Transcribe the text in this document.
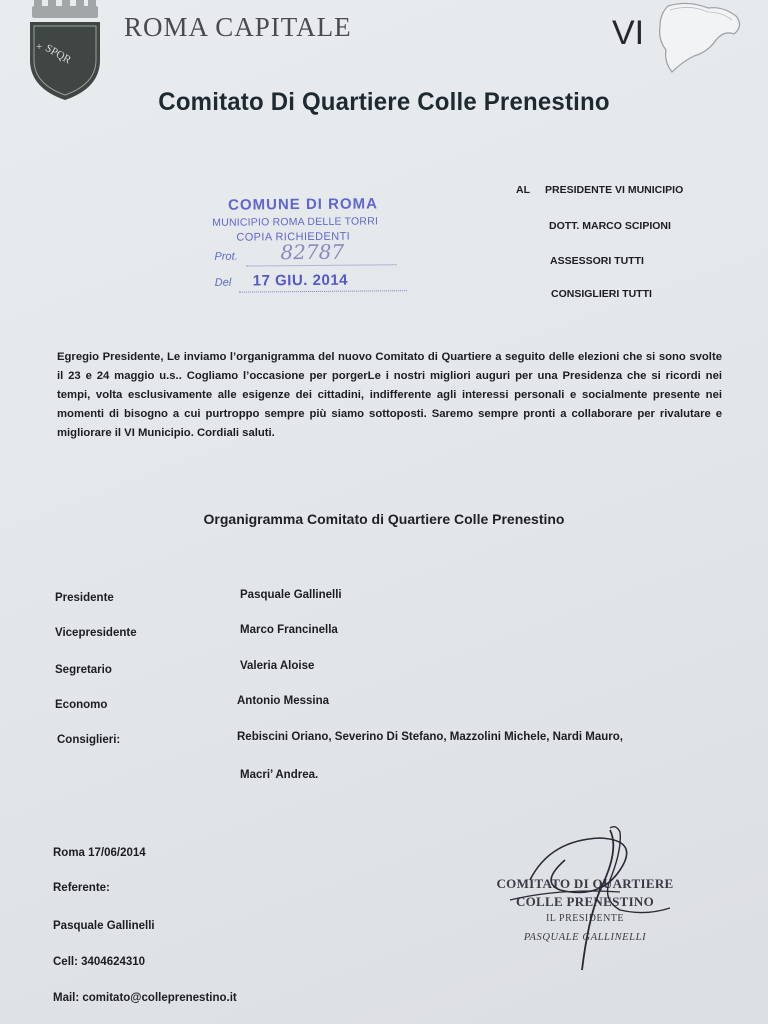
+ SPQR
ROMA CAPITALE	VI
Comitato Di Quartiere Colle Prenestino
COMUNE DI ROMA
MUNICIPIO ROMA DELLE TORRI
COPIA RICHIEDENTI
Prot. 82787
Del 17 GIU. 2014
AL PRESIDENTE VI MUNICIPIO
DOTT. MARCO SCIPIONI
ASSESSORI TUTTI
CONSIGLIERI TUTTI
Egregio Presidente, Le inviamo l’organigramma del nuovo Comitato di Quartiere a seguito delle elezioni che si sono svolte il 23 e 24 maggio u.s.. Cogliamo l’occasione per porgerLe i nostri migliori auguri per una Presidenza che si ricordi nei tempi, volta esclusivamente alle esigenze dei cittadini, indifferente agli interessi personali e socialmente presente nei momenti di bisogno a cui purtroppo sempre più siamo sottoposti. Saremo sempre pronti a collaborare per rivalutare e migliorare il VI Municipio. Cordiali saluti.
Organigramma Comitato di Quartiere Colle Prenestino
Presidente	Pasquale Gallinelli
Vicepresidente	Marco Francinella
Segretario	Valeria Aloise
Economo	Antonio Messina
Consiglieri:	Rebiscini Oriano, Severino Di Stefano, Mazzolini Michele, Nardi Mauro,
Macri’ Andrea.
Roma 17/06/2014
Referente:
Pasquale Gallinelli
Cell: 3404624310
Mail: comitato@colleprenestino.it
COMITATO DI QUARTIERE
COLLE PRENESTINO
IL PRESIDENTE
PASQUALE GALLINELLI
